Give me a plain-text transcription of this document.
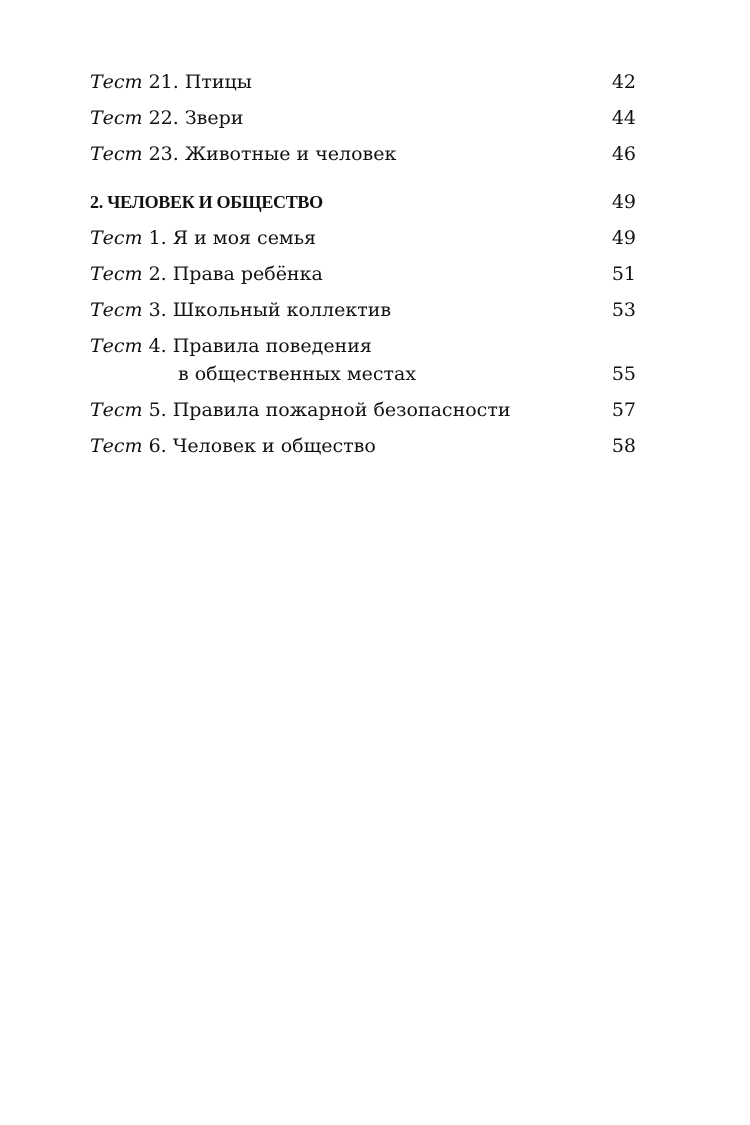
Тест 21 . Птицы	42
Тест 22 . Звери	44
Тест 23 . Животные и человек	46
2. ЧЕЛОВЕК И ОБЩЕСТВО	49
Тест 1 . Я и моя семья	49
Тест 2 . Права ребёнка	51
Тест 3 . Школьный коллектив	53
Тест 4 . Правила поведения
в общественных местах	55
Тест 5 . Правила пожарной безопасности	57
Тест 6 . Человек и общество	58
